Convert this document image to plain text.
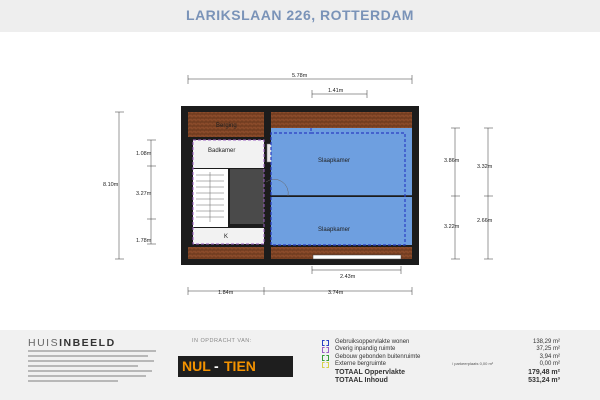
LARIKSLAAN 226, ROTTERDAM
Berging
Badkamer
Slaapkamer
Slaapkamer
K
5.78m
1.41m
8.10m
1.08m
3.27m
1.78m
3.86m
3.22m
3.32m
2.66m
2.43m
1.84m	3.74m
HUISINBEELD	IN OPDRACHT VAN:
NUL - TIEN
Gebruiksoppervlakte wonen	138,29 m²
Overig inpandig ruimte	37,25 m²
Gebouw gebonden buitenruimte	3,94 m²
Externe bergruimte	/ parkeerplaats 0,00 m²	0,00 m²
TOTAAL Oppervlakte	179,48 m²
TOTAAL Inhoud	531,24 m³
